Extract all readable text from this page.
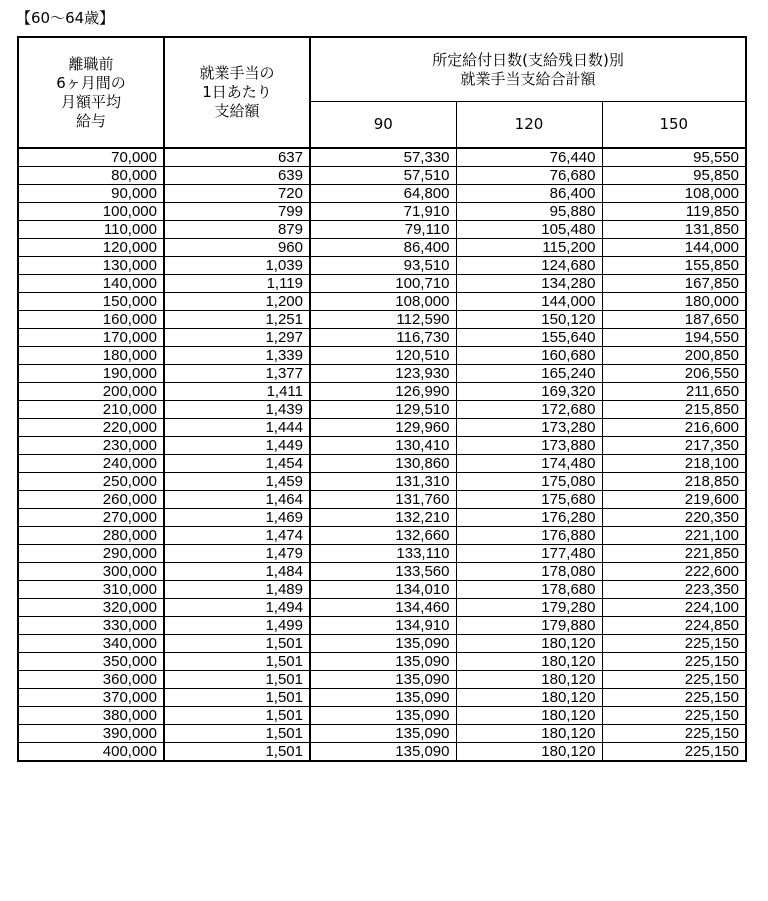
【60〜64歳】
離職前
6ヶ月間の
月額平均
給与	就業手当の
1日あたり
支給額	所定給付日数(支給残日数)別
就業手当支給合計額		
		90	120	150
70,000	637	57,330	76,440	95,550
80,000	639	57,510	76,680	95,850
90,000	720	64,800	86,400	108,000
100,000	799	71,910	95,880	119,850
110,000	879	79,110	105,480	131,850
120,000	960	86,400	115,200	144,000
130,000	1,039	93,510	124,680	155,850
140,000	1,119	100,710	134,280	167,850
150,000	1,200	108,000	144,000	180,000
160,000	1,251	112,590	150,120	187,650
170,000	1,297	116,730	155,640	194,550
180,000	1,339	120,510	160,680	200,850
190,000	1,377	123,930	165,240	206,550
200,000	1,411	126,990	169,320	211,650
210,000	1,439	129,510	172,680	215,850
220,000	1,444	129,960	173,280	216,600
230,000	1,449	130,410	173,880	217,350
240,000	1,454	130,860	174,480	218,100
250,000	1,459	131,310	175,080	218,850
260,000	1,464	131,760	175,680	219,600
270,000	1,469	132,210	176,280	220,350
280,000	1,474	132,660	176,880	221,100
290,000	1,479	133,110	177,480	221,850
300,000	1,484	133,560	178,080	222,600
310,000	1,489	134,010	178,680	223,350
320,000	1,494	134,460	179,280	224,100
330,000	1,499	134,910	179,880	224,850
340,000	1,501	135,090	180,120	225,150
350,000	1,501	135,090	180,120	225,150
360,000	1,501	135,090	180,120	225,150
370,000	1,501	135,090	180,120	225,150
380,000	1,501	135,090	180,120	225,150
390,000	1,501	135,090	180,120	225,150
400,000	1,501	135,090	180,120	225,150
